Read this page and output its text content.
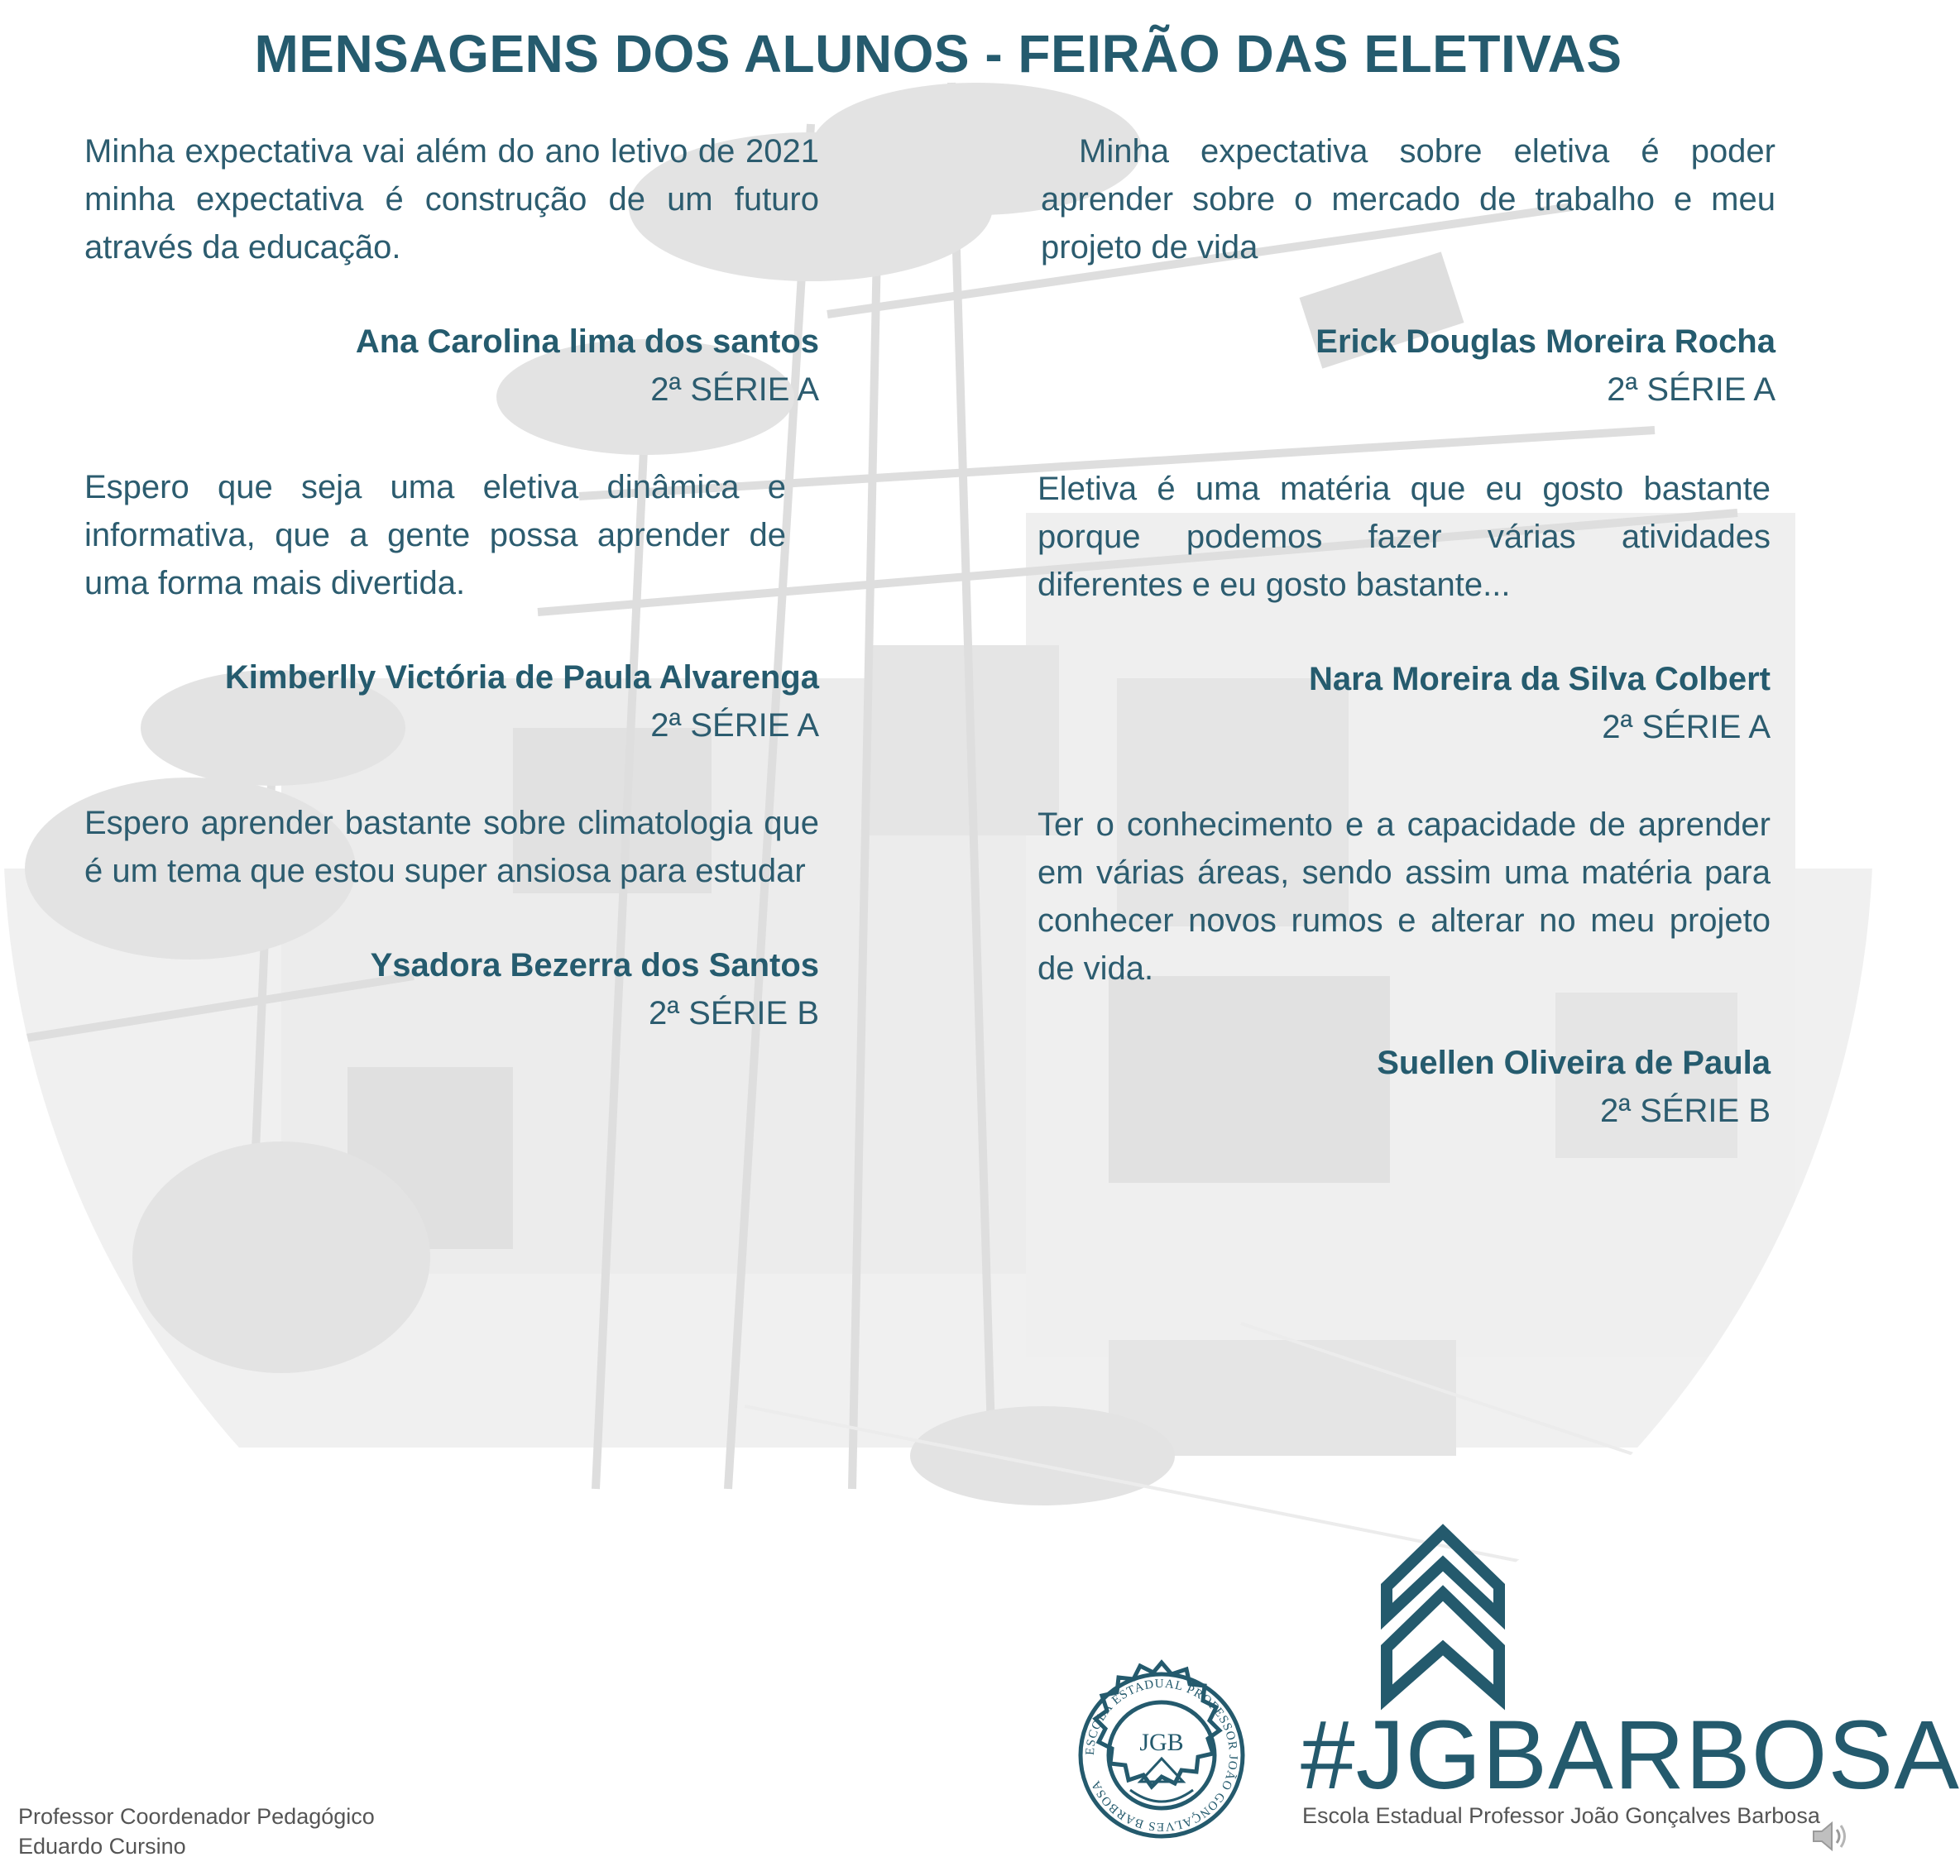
MENSAGENS DOS ALUNOS - FEIRÃO DAS ELETIVAS
Minha expectativa vai além do ano letivo de 2021 minha expectativa é construção de um futuro através da educação.
Ana Carolina lima dos santos
2ª SÉRIE A
Espero que seja uma eletiva dinâmica e informativa, que a gente possa aprender de uma forma mais divertida.
Kimberlly Victória de Paula Alvarenga
2ª SÉRIE A
Espero aprender bastante sobre climatologia que é um tema que estou super ansiosa para estudar
Ysadora Bezerra dos Santos
2ª SÉRIE B
Minha expectativa sobre eletiva é poder aprender sobre o mercado de trabalho e meu projeto de vida
Erick Douglas Moreira Rocha
2ª SÉRIE A
Eletiva é uma matéria que eu gosto bastante porque podemos fazer várias atividades diferentes e eu gosto bastante...
Nara Moreira da Silva Colbert
2ª SÉRIE A
Ter o conhecimento e a capacidade de aprender em várias áreas, sendo assim uma matéria para conhecer novos rumos e alterar no meu projeto de vida.
Suellen Oliveira de Paula
2ª SÉRIE B
ESCOLA ESTADUAL PROFESSOR JOÃO GONÇALVES BARBOSA
JGB #JGBARBOSA
Escola Estadual Professor João Gonçalves Barbosa
Professor Coordenador Pedagógico
Eduardo Cursino
